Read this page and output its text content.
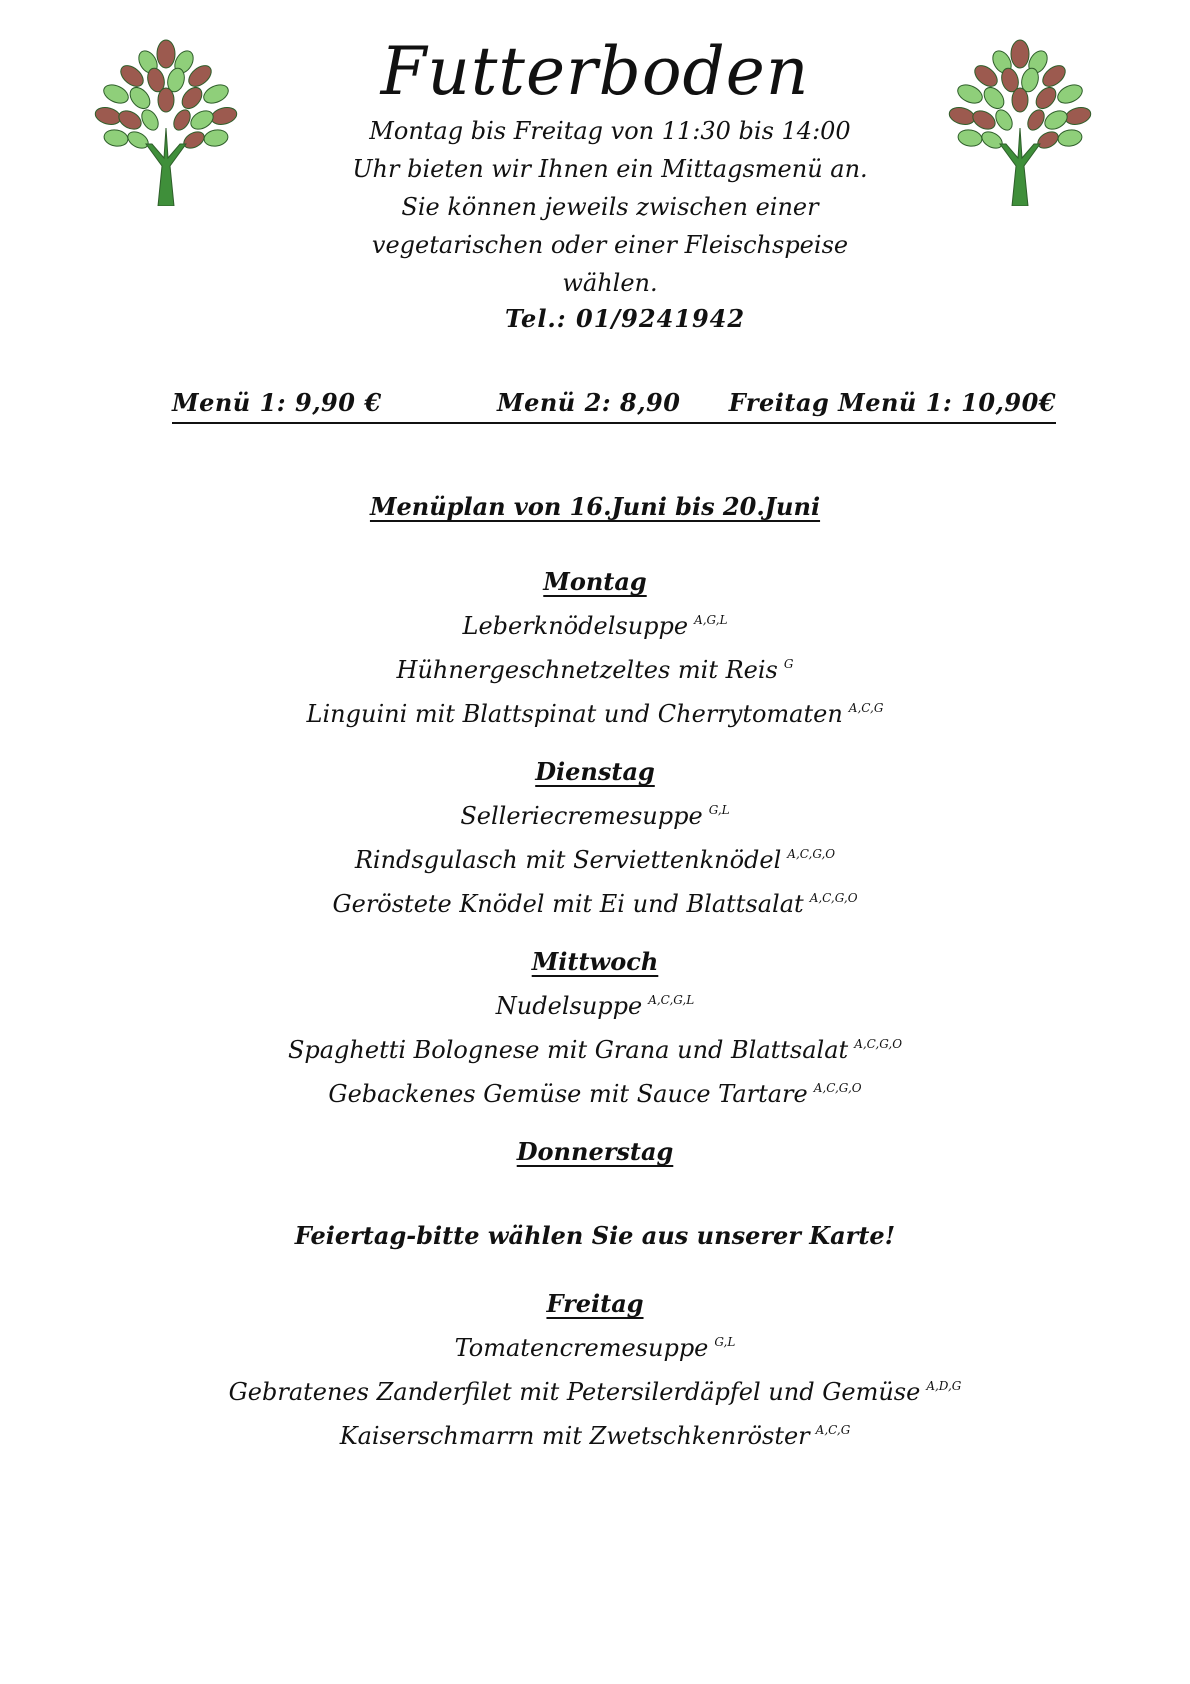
Futterboden
Montag bis Freitag von 11:30 bis 14:00
Uhr bieten wir Ihnen ein Mittagsmenü an.
Sie können jeweils zwischen einer
vegetarischen oder einer Fleischspeise
wählen.
Tel.: 01/9241942
Menü 1: 9,90 €	Menü 2: 8,90 Freitag Menü 1: 10,90€
Menüplan von 16.Juni bis 20.Juni
Montag
Leberknödelsuppe $^{A,G,L}$
Hühnergeschnetzeltes mit Reis $^G$
Linguini mit Blattspinat und Cherrytomaten $^{A,C,G}$
Dienstag
Selleriecremesuppe $^{G,L}$
Rindsgulasch mit Serviettenknödel $^{A,C,G,O}$
Geröstete Knödel mit Ei und Blattsalat $^{A,C,G,O}$
Mittwoch
Nudelsuppe $^{A,C,G,L}$
Spaghetti Bolognese mit Grana und Blattsalat $^{A,C,G,O}$
Gebackenes Gemüse mit Sauce Tartare $^{A,C,G,O}$
Donnerstag
Feiertag-bitte wählen Sie aus unserer Karte!
Freitag
Tomatencremesuppe $^{G,L}$
Gebratenes Zanderfilet mit Petersilerdäpfel und Gemüse $^{A,D,G}$
Kaiserschmarrn mit Zwetschkenröster $^{A,C,G}$
